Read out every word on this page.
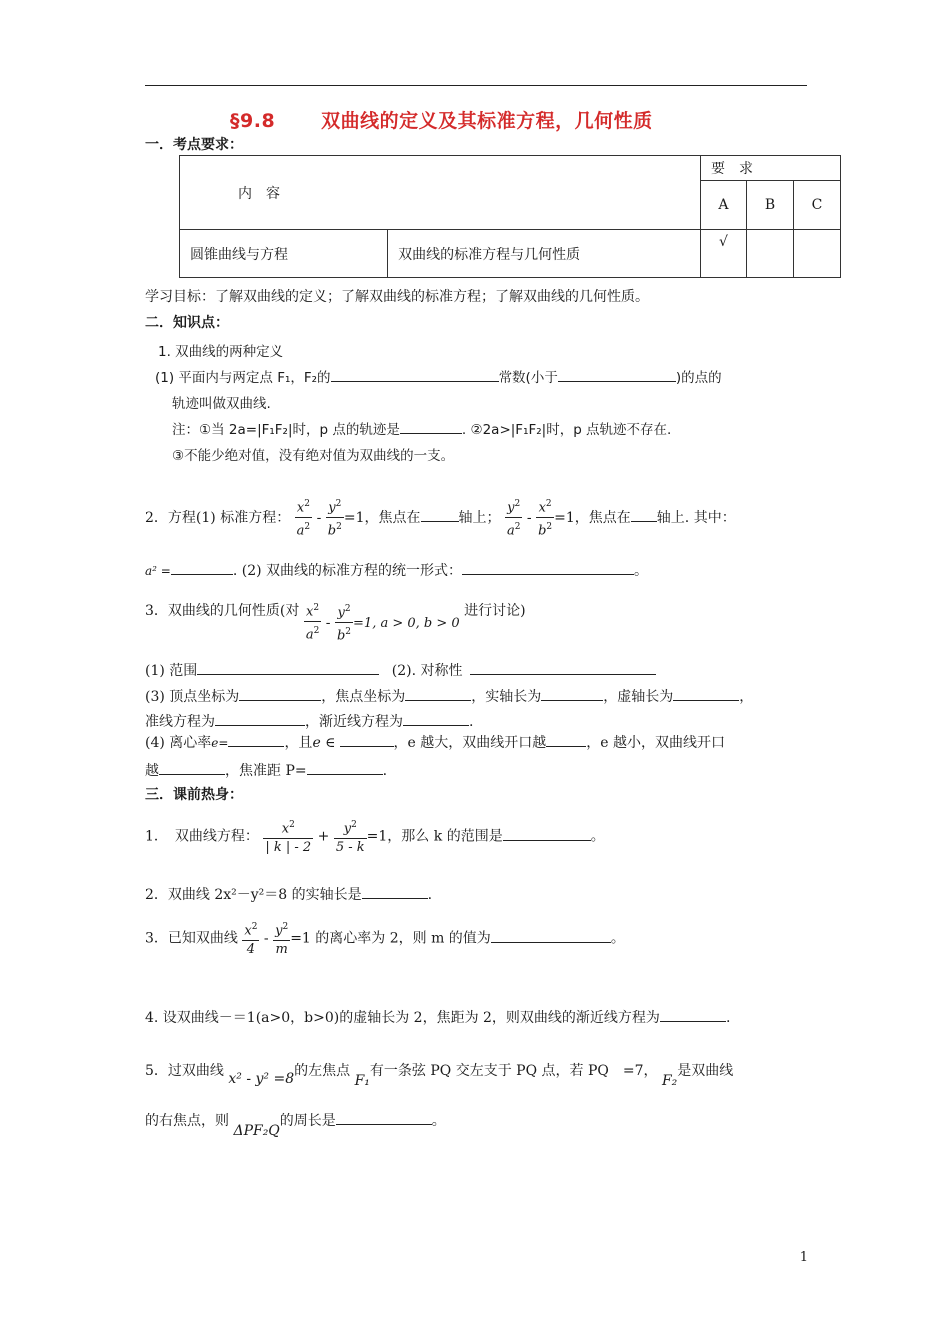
§9.8 双曲线的定义及其标准方程，几何性质
一．考点要求：
内　容		要　求		
		A	B	C
圆锥曲线与方程	双曲线的标准方程与几何性质	√		
学习目标：了解双曲线的定义；了解双曲线的标准方程；了解双曲线的几何性质。
二．知识点：
1. 双曲线的两种定义
(1) 平面内与两定点 F₁，F₂的	常数(小于	)的点的
轨迹叫做双曲线.
注：①当 2a=|F₁F₂|时，p 点的轨迹是	. ②2a>|F₁F₂|时，p 点轨迹不存在.
③不能少绝对值，没有绝对值为双曲线的一支。
2．方程(1) 标准方程： $\frac{x^2}{a^2} - \frac{y^2}{b^2} =1$，焦点在	轴上； $\frac{y^2}{a^2} - \frac{x^2}{b^2} =1$，焦点在 轴上. 其中：
a² =	. (2) 双曲线的标准方程的统一形式：	。
3．双曲线的几何性质(对 $\frac{x^2}{a^2} - \frac{y^2}{b^2} =1$, a > 0, b > 0 进行讨论)
(1) 范围	(2). 对称性
(3) 顶点坐标为	，焦点坐标为	，实轴长为	，虚轴长为	，
准线方程为	，渐近线方程为	.
(4) 离心率e=	，且e ∈	，e 越大，双曲线开口越	，e 越小，双曲线开口
越	，焦准距 P=	.
三．课前热身：
1．　双曲线方程： $\frac{x^2}{| k | - 2} + \frac{y^2}{5 - k} =1$，那么 k 的范围是	。
2．双曲线 2x²－y²＝8 的实轴长是	.
3．已知双曲线 $\frac{x^2}{4} - \frac{y^2}{m} =1$ 的离心率为 2，则 m 的值为	。
4. 设双曲线－＝1(a>0，b>0)的虚轴长为 2，焦距为 2，则双曲线的渐近线方程为	.
5．过双曲线 x² - y² =8的左焦点 F₁有一条弦 PQ 交左支于 PQ 点，若 PQ　=7， F₂是双曲线
的右焦点，则 ΔPF₂Q的周长是	。
1
